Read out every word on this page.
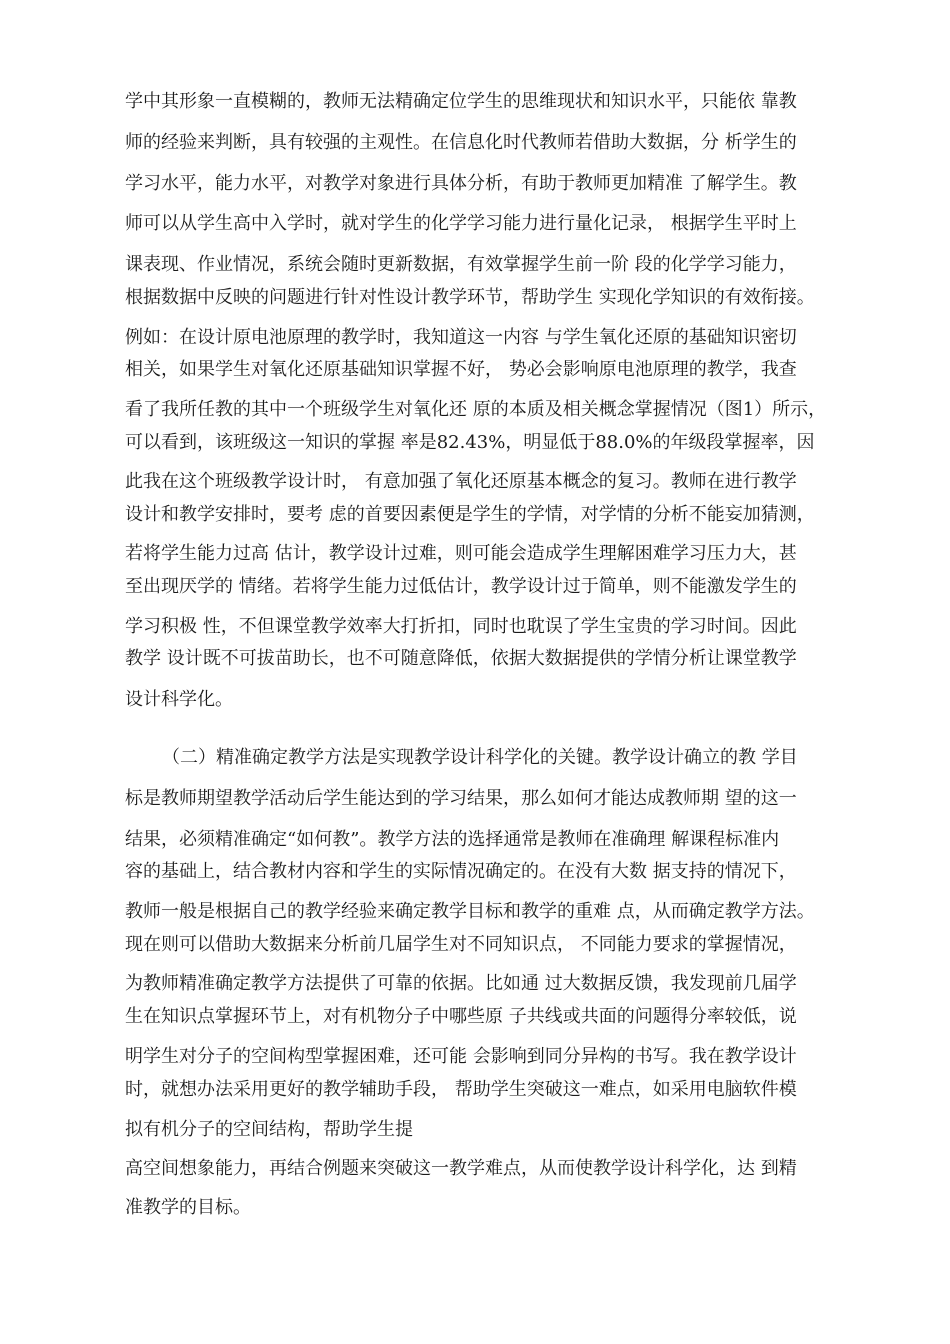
学中其形象一直模糊的，教师无法精确定位学生的思维现状和知识水平，只能依 靠教

师的经验来判断，具有较强的主观性。在信息化时代教师若借助大数据，分 析学生的

学习水平，能力水平，对教学对象进行具体分析，有助于教师更加精准 了解学生。教

师可以从学生高中入学时，就对学生的化学学习能力进行量化记录， 根据学生平时上

课表现、作业情况，系统会随时更新数据，有效掌握学生前一阶 段的化学学习能力，

根据数据中反映的问题进行针对性设计教学环节，帮助学生 实现化学知识的有效衔接。

例如：在设计原电池原理的教学时，我知道这一内容 与学生氧化还原的基础知识密切

相关，如果学生对氧化还原基础知识掌握不好， 势必会影响原电池原理的教学，我查

看了我所任教的其中一个班级学生对氧化还 原的本质及相关概念掌握情况（图1）所示，

可以看到，该班级这一知识的掌握 率是82.43%，明显低于88.0%的年级段掌握率，因

此我在这个班级教学设计时， 有意加强了氧化还原基本概念的复习。教师在进行教学

设计和教学安排时，要考 虑的首要因素便是学生的学情，对学情的分析不能妄加猜测，

若将学生能力过高 估计，教学设计过难，则可能会造成学生理解困难学习压力大，甚

至出现厌学的 情绪。若将学生能力过低估计，教学设计过于简单，则不能激发学生的

学习积极 性，不但课堂教学效率大打折扣，同时也耽误了学生宝贵的学习时间。因此

教学 设计既不可拔苗助长，也不可随意降低，依据大数据提供的学情分析让课堂教学

设计科学化。

（二）精准确定教学方法是实现教学设计科学化的关键。教学设计确立的教 学目

标是教师期望教学活动后学生能达到的学习结果，那么如何才能达成教师期 望的这一

结果，必须精准确定“如何教”。教学方法的选择通常是教师在准确理 解课程标准内

容的基础上，结合教材内容和学生的实际情况确定的。在没有大数 据支持的情况下，

教师一般是根据自己的教学经验来确定教学目标和教学的重难 点，从而确定教学方法。

现在则可以借助大数据来分析前几届学生对不同知识点， 不同能力要求的掌握情况，

为教师精准确定教学方法提供了可靠的依据。比如通 过大数据反馈，我发现前几届学

生在知识点掌握环节上，对有机物分子中哪些原 子共线或共面的问题得分率较低，说

明学生对分子的空间构型掌握困难，还可能 会影响到同分异构的书写。我在教学设计

时，就想办法采用更好的教学辅助手段， 帮助学生突破这一难点，如采用电脑软件模

拟有机分子的空间结构，帮助学生提

高空间想象能力，再结合例题来突破这一教学难点，从而使教学设计科学化，达 到精

准教学的目标。
